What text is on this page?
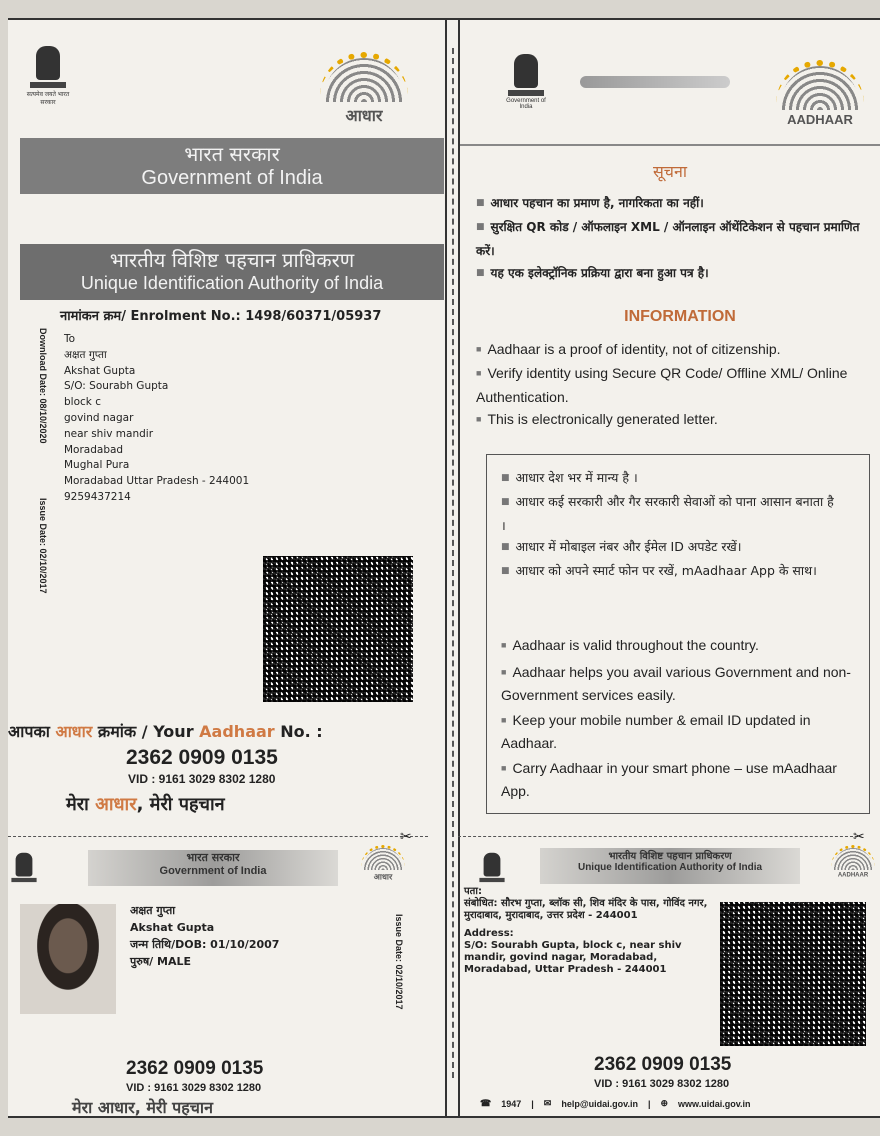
✂	✂
सत्यमेव जयते भारत सरकार
आधार
भारत सरकार
Government of India
भारतीय विशिष्ट पहचान प्राधिकरण
Unique Identification Authority of India
नामांकन क्रम/ Enrolment No.: 1498/60371/05937
Download Date: 08/10/2020
Issue Date: 02/10/2017
To
अक्षत गुप्ता
Akshat Gupta
S/O: Sourabh Gupta
block c
govind nagar
near shiv mandir
Moradabad
Mughal Pura
Moradabad Uttar Pradesh - 244001
9259437214
आपका आधार क्रमांक / Your Aadhaar No. :
2362 0909 0135
VID : 9161 3029 8302 1280
मेरा आधार, मेरी पहचान
Government of India
AADHAAR
सूचना
■ आधार पहचान का प्रमाण है, नागरिकता का नहीं।
■ सुरक्षित QR कोड / ऑफलाइन XML / ऑनलाइन ऑथेंटिकेशन से पहचान प्रमाणित करें।
■ यह एक इलेक्ट्रॉनिक प्रक्रिया द्वारा बना हुआ पत्र है।
INFORMATION
■ Aadhaar is a proof of identity, not of citizenship.
■ Verify identity using Secure QR Code/ Offline XML/ Online Authentication.
■ This is electronically generated letter.
■ आधार देश भर में मान्य है ।
■ आधार कई सरकारी और गैर सरकारी सेवाओं को पाना आसान बनाता है ।
■ आधार में मोबाइल नंबर और ईमेल ID अपडेट रखें।
■ आधार को अपने स्मार्ट फोन पर रखें, mAadhaar App के साथ।
■ Aadhaar is valid throughout the country.
■ Aadhaar helps you avail various Government and non-Government services easily.
■ Keep your mobile number & email ID updated in Aadhaar.
■ Carry Aadhaar in your smart phone – use mAadhaar App.
भारत सरकार
Government of India	आधार
अक्षत गुप्ता
Akshat Gupta
जन्म तिथि/DOB: 01/10/2007
पुरुष/ MALE	Issue Date: 02/10/2017
2362 0909 0135
VID : 9161 3029 8302 1280
मेरा आधार, मेरी पहचान
भारतीय विशिष्ट पहचान प्राधिकरण
Unique Identification Authority of India
AADHAAR
पता:
संबोधित: सौरभ गुप्ता, ब्लॉक सी, शिव मंदिर के पास, गोविंद नगर, मुरादाबाद, मुरादाबाद, उत्तर प्रदेश - 244001
Address:
S/O: Sourabh Gupta, block c, near shiv mandir, govind nagar, Moradabad, Moradabad, Uttar Pradesh - 244001
2362 0909 0135
VID : 9161 3029 8302 1280
☎ 1947 | ✉ help@uidai.gov.in | ⊕ www.uidai.gov.in
